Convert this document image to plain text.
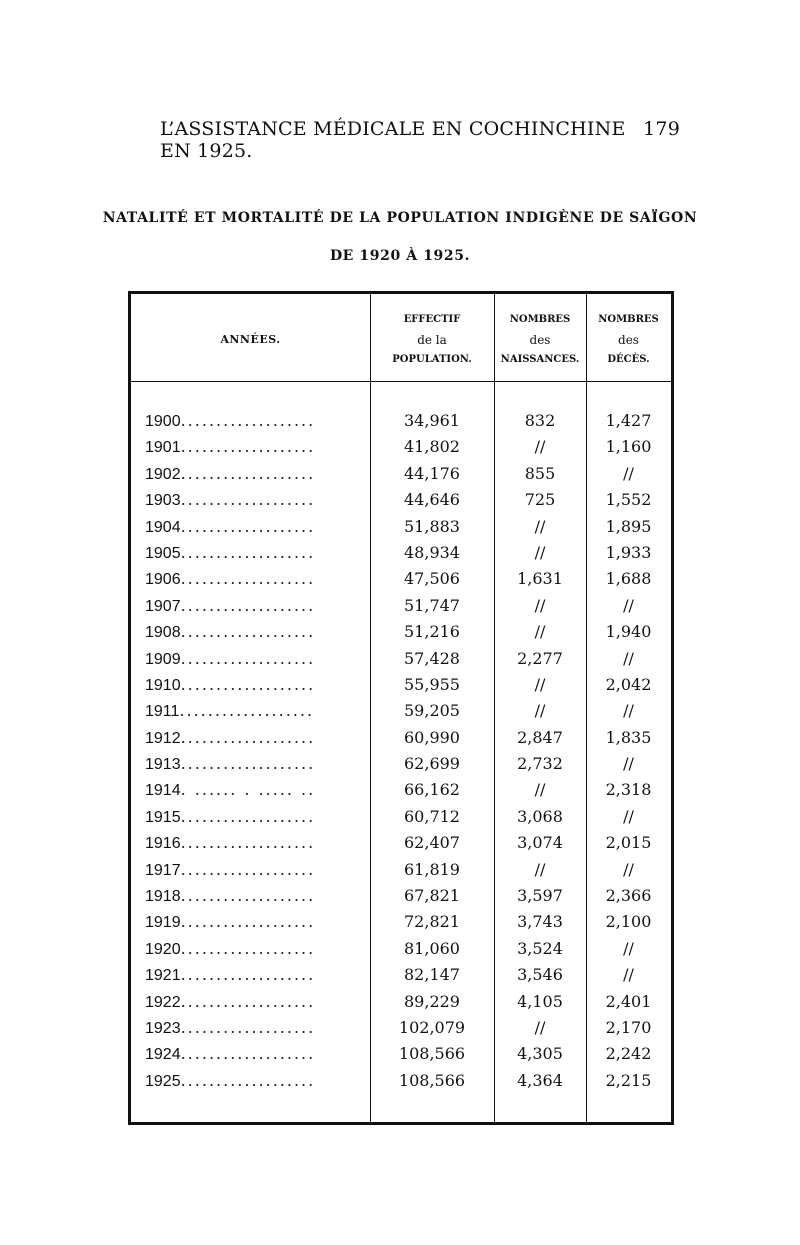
L’ASSISTANCE MÉDICALE EN COCHINCHINE EN 1925.
179
NATALITÉ ET MORTALITÉ DE LA POPULATION INDIGÈNE DE SAÏGON
DE 1920 À 1925.
ANNÉES.
EFFECTIF
de la
POPULATION.
NOMBRES
des
NAISSANCES.
NOMBRES
des
DÉCÈS.
1900...................	34,961	832	1,427
1901...................	41,802	//	1,160
1902...................	44,176	855	//
1903...................	44,646	725	1,552
1904...................	51,883	//	1,895
1905...................	48,934	//	1,933
1906...................	47,506	1,631	1,688
1907...................	51,747	//	//
1908...................	51,216	//	1,940
1909...................	57,428	2,277	//
1910...................	55,955	//	2,042
1911...................	59,205	//	//
1912...................	60,990	2,847	1,835
1913...................	62,699	2,732	//
1914. ...... . ..... ..	66,162	//	2,318
1915...................	60,712	3,068	//
1916...................	62,407	3,074	2,015
1917...................	61,819	//	//
1918...................	67,821	3,597	2,366
1919...................	72,821	3,743	2,100
1920...................	81,060	3,524	//
1921...................	82,147	3,546	//
1922...................	89,229	4,105	2,401
1923...................	102,079	//	2,170
1924...................	108,566	4,305	2,242
1925...................	108,566	4,364	2,215
